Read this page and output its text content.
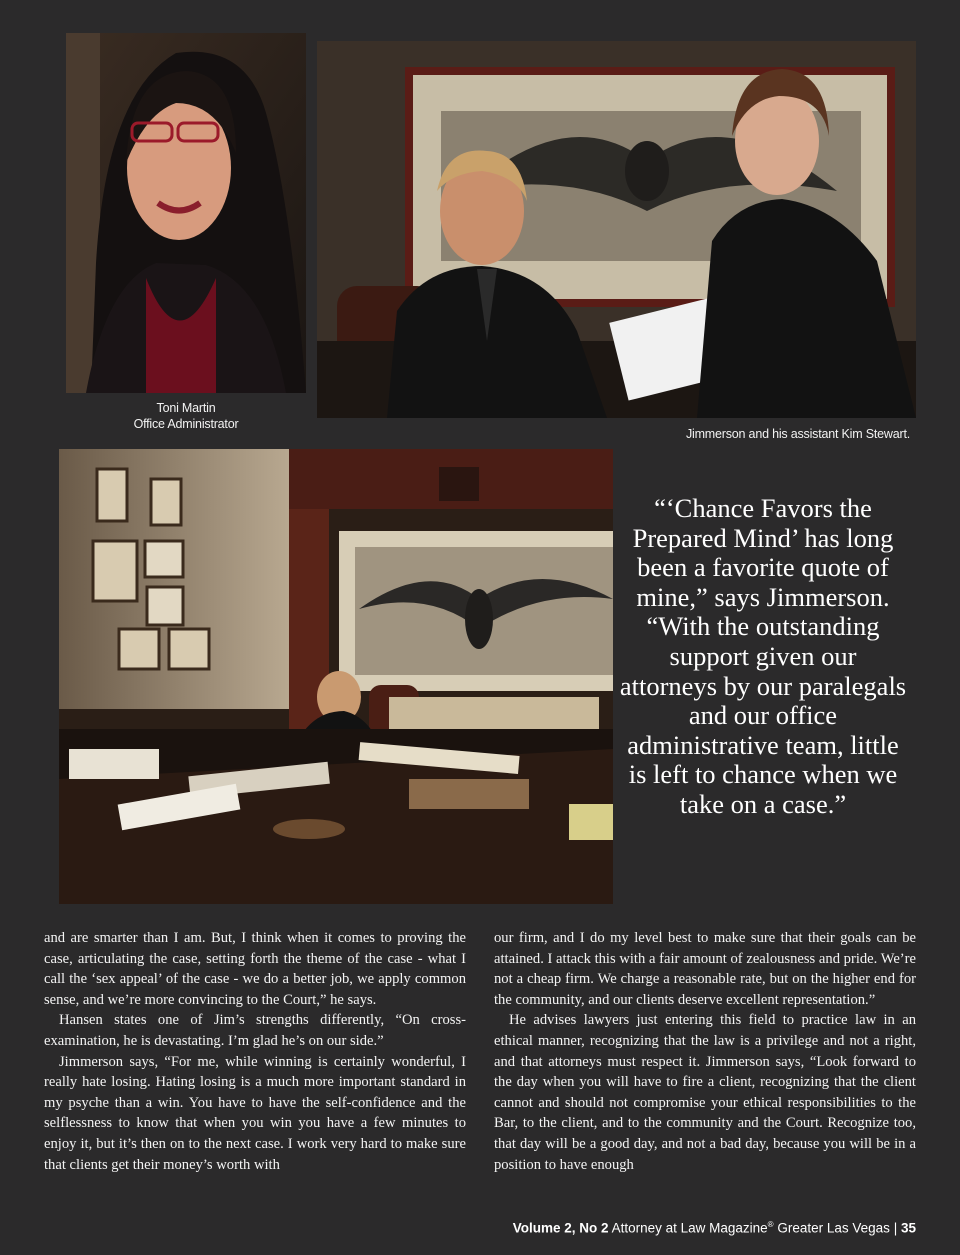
Toni Martin
Office Administrator
Jimmerson and his assistant Kim Stewart.
“‘Chance Favors the Prepared Mind’ has long been a favorite quote of mine,” says Jimmerson. “With the outstanding support given our attorneys by our paralegals and our office administrative team, little is left to chance when we take on a case.”

and are smarter than I am. But, I think when it comes to proving the case, articulating the case, setting forth the theme of the case - what I call the ‘sex appeal’ of the case - we do a better job, we apply common sense, and we’re more convincing to the Court,” he says.

Hansen states one of Jim’s strengths differently, “On cross-examination, he is devastating. I’m glad he’s on our side.”

Jimmerson says, “For me, while winning is certainly wonderful, I really hate losing. Hating losing is a much more important standard in my psyche than a win. You have to have the self-confidence and the selflessness to know that when you win you have a few minutes to enjoy it, but it’s then on to the next case. I work very hard to make sure that clients get their money’s worth with

our firm, and I do my level best to make sure that their goals can be attained. I attack this with a fair amount of zealousness and pride. We’re not a cheap firm. We charge a reasonable rate, but on the higher end for the community, and our clients deserve excellent representation.”

He advises lawyers just entering this field to practice law in an ethical manner, recognizing that the law is a privilege and not a right, and that attorneys must respect it. Jimmerson says, “Look forward to the day when you will have to fire a client, recognizing that the client cannot and should not compromise your ethical responsibilities to the Bar, to the client, and to the community and the Court. Recognize too, that day will be a good day, and not a bad day, because you will be in a position to have enough

Volume 2, No 2 Attorney at Law Magazine® Greater Las Vegas | 35
